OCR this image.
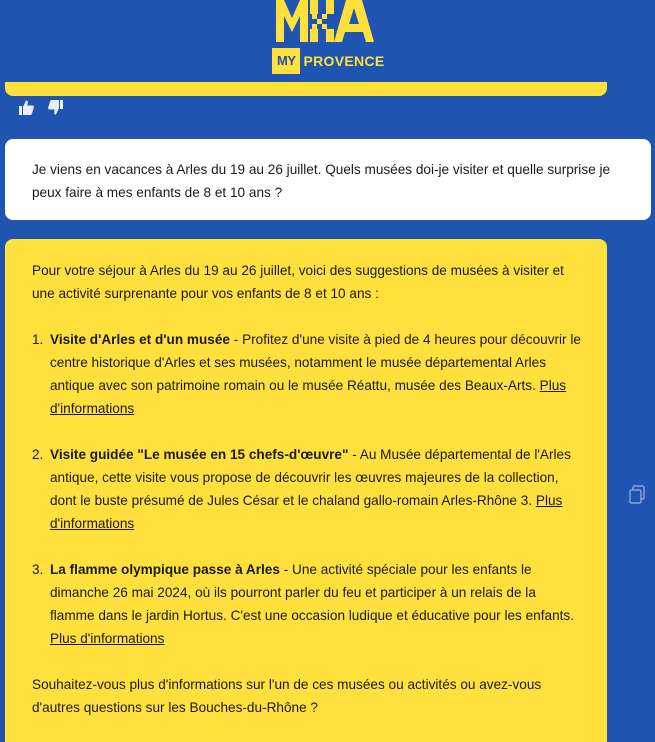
MY PROVENCE

Je viens en vacances à Arles du 19 au 26 juillet. Quels musées doi-je visiter et quelle surprise je peux faire à mes enfants de 8 et 10 ans ?

Pour votre séjour à Arles du 19 au 26 juillet, voici des suggestions de musées à visiter et une activité surprenante pour vos enfants de 8 et 10 ans :

1. Visite d'Arles et d'un musée - Profitez d'une visite à pied de 4 heures pour découvrir le centre historique d'Arles et ses musées, notamment le musée départemental Arles antique avec son patrimoine romain ou le musée Réattu, musée des Beaux-Arts. Plus d'informations
2. Visite guidée "Le musée en 15 chefs-d'œuvre" - Au Musée départemental de l'Arles antique, cette visite vous propose de découvrir les œuvres majeures de la collection, dont le buste présumé de Jules César et le chaland gallo-romain Arles-Rhône 3. Plus d'informations
3. La flamme olympique passe à Arles - Une activité spéciale pour les enfants le dimanche 26 mai 2024, où ils pourront parler du feu et participer à un relais de la flamme dans le jardin Hortus. C'est une occasion ludique et éducative pour les enfants. Plus d'informations

Souhaitez-vous plus d'informations sur l'un de ces musées ou activités ou avez-vous d'autres questions sur les Bouches-du-Rhône ?
